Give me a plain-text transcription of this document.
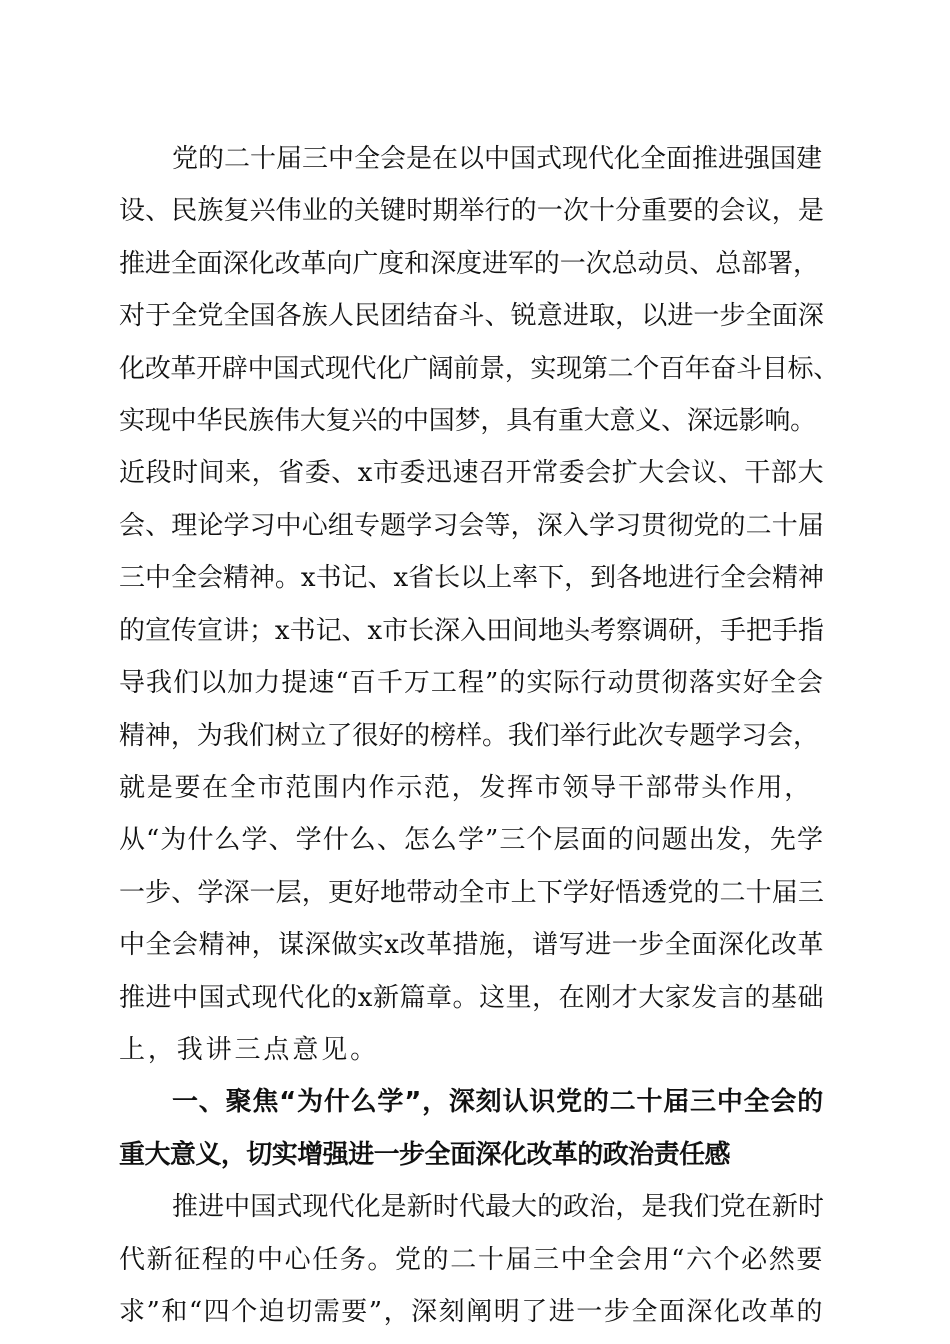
党的二十届三中全会是在以中国式现代化全面推进强国建
设、民族复兴伟业的关键时期举行的一次十分重要的会议，是
推进全面深化改革向广度和深度进军的一次总动员、总部署，
对于全党全国各族人民团结奋斗、锐意进取，以进一步全面深
化改革开辟中国式现代化广阔前景，实现第二个百年奋斗目标、
实现中华民族伟大复兴的中国梦，具有重大意义、深远影响。
近段时间来，省委、x市委迅速召开常委会扩大会议、干部大
会、理论学习中心组专题学习会等，深入学习贯彻党的二十届
三中全会精神。x书记、x省长以上率下，到各地进行全会精神
的宣传宣讲；x书记、x市长深入田间地头考察调研，手把手指
导我们以加力提速“百千万工程”的实际行动贯彻落实好全会
精神，为我们树立了很好的榜样。我们举行此次专题学习会，
就是要在全市范围内作示范，发挥市领导干部带头作用，
从“为什么学、学什么、怎么学”三个层面的问题出发，先学
一步、学深一层，更好地带动全市上下学好悟透党的二十届三
中全会精神，谋深做实x改革措施，谱写进一步全面深化改革
推进中国式现代化的x新篇章。这里，在刚才大家发言的基础
上，我讲三点意见。
一、聚焦“为什么学”，深刻认识党的二十届三中全会的
重大意义，切实增强进一步全面深化改革的政治责任感
推进中国式现代化是新时代最大的政治，是我们党在新时
代新征程的中心任务。党的二十届三中全会用“六个必然要
求”和“四个迫切需要”，深刻阐明了进一步全面深化改革的
